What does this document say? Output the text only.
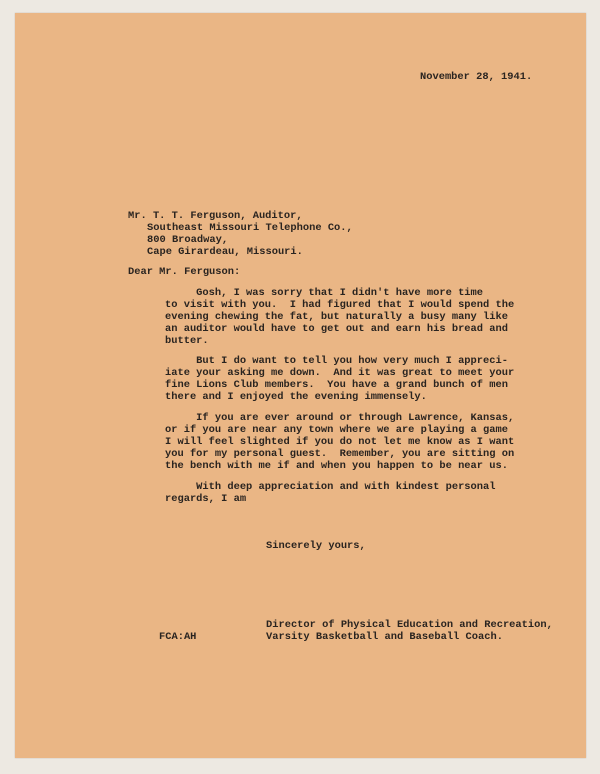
November 28, 1941.

Mr. T. T. Ferguson, Auditor,

Southeast Missouri Telephone Co.,

800 Broadway,

Cape Girardeau, Missouri.

Dear Mr. Ferguson:

Gosh, I was sorry that I didn't have more time

to visit with you.  I had figured that I would spend the

evening chewing the fat, but naturally a busy many like

an auditor would have to get out and earn his bread and

butter.

But I do want to tell you how very much I appreci-

iate your asking me down.  And it was great to meet your

fine Lions Club members.  You have a grand bunch of men

there and I enjoyed the evening immensely.

If you are ever around or through Lawrence, Kansas,

or if you are near any town where we are playing a game

I will feel slighted if you do not let me know as I want

you for my personal guest.  Remember, you are sitting on

the bench with me if and when you happen to be near us.

With deep appreciation and with kindest personal

regards, I am

Sincerely yours,

Director of Physical Education and Recreation,

Varsity Basketball and Baseball Coach.

FCA:AH
